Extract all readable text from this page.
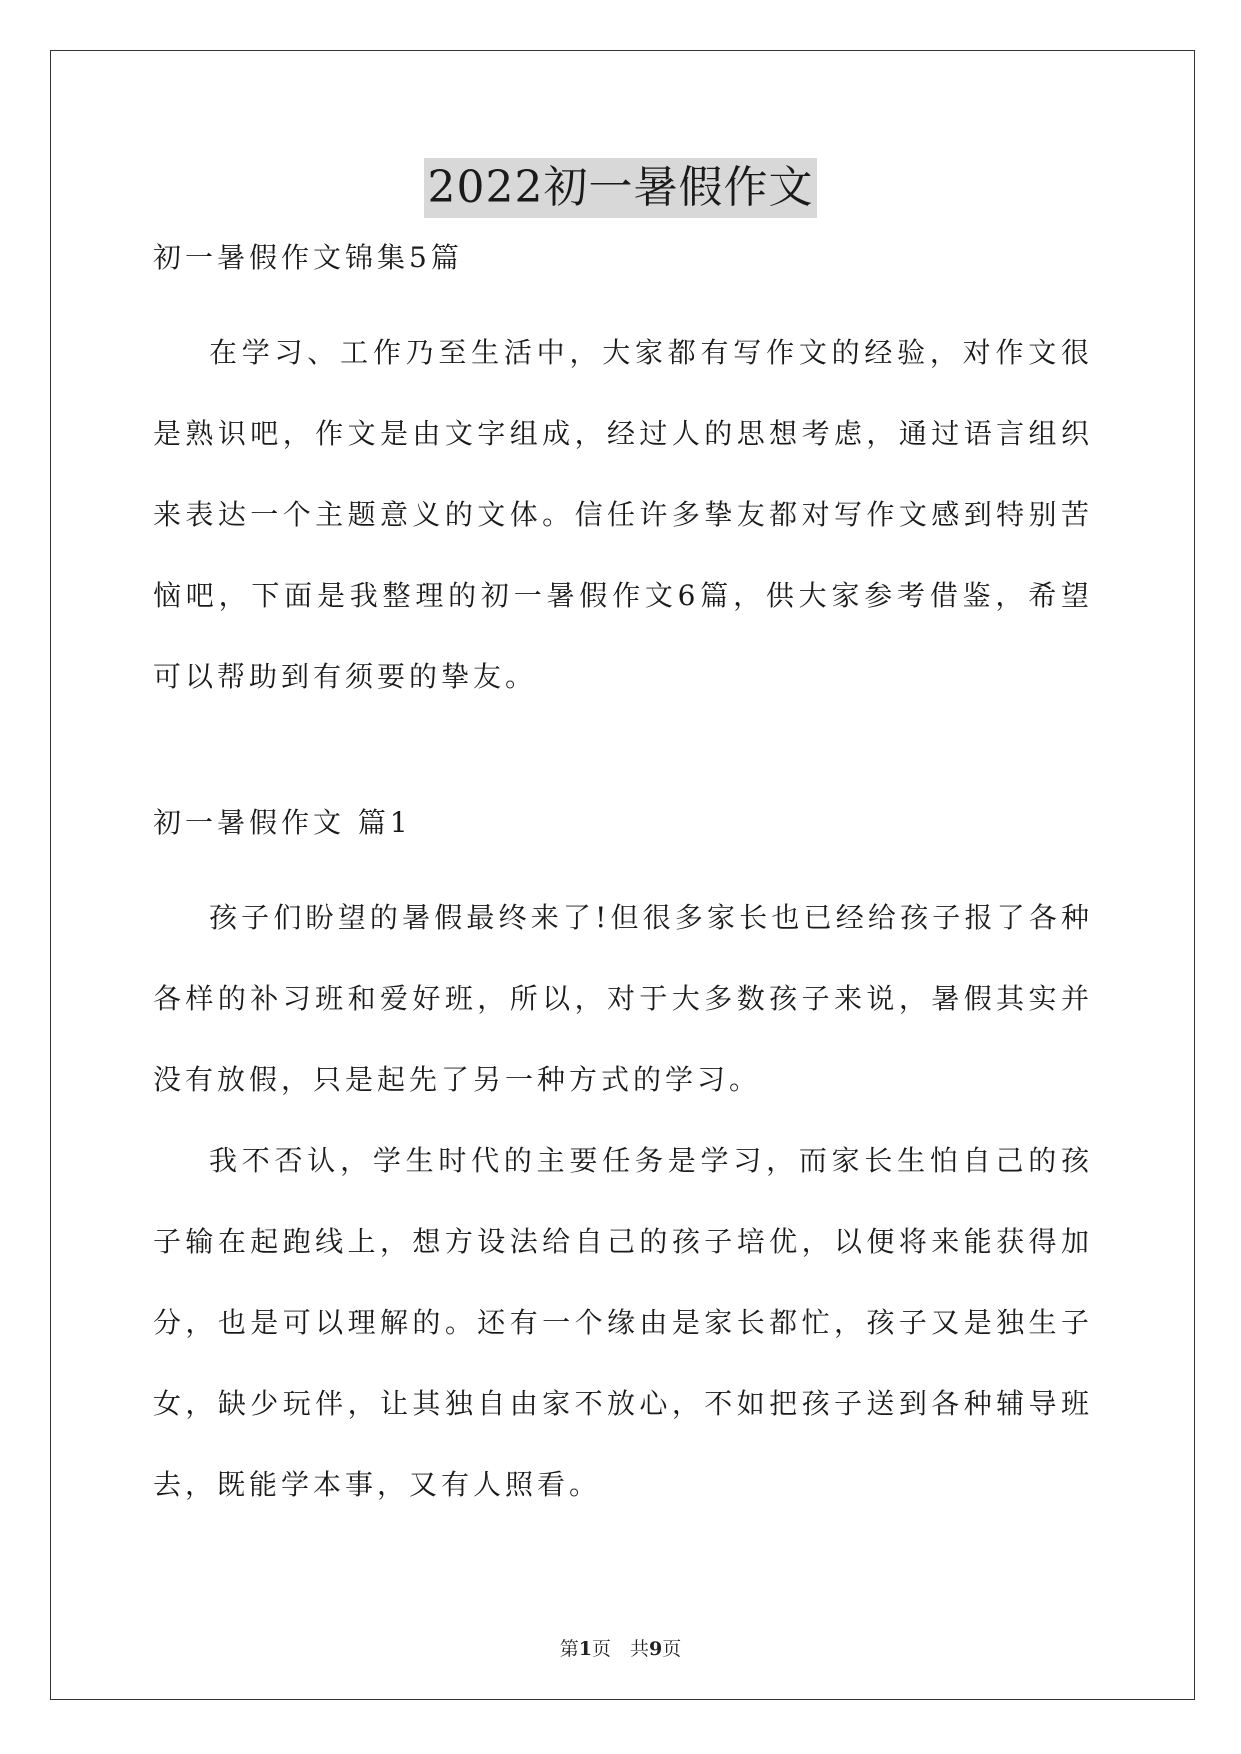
2022初一暑假作文

初一暑假作文锦集5篇

在学习、工作乃至生活中，大家都有写作文的经验，对作文很是熟识吧，作文是由文字组成，经过人的思想考虑，通过语言组织来表达一个主题意义的文体。信任许多挚友都对写作文感到特别苦恼吧，下面是我整理的初一暑假作文6篇，供大家参考借鉴，希望可以帮助到有须要的挚友。

初一暑假作文 篇1

孩子们盼望的暑假最终来了!但很多家长也已经给孩子报了各种各样的补习班和爱好班，所以，对于大多数孩子来说，暑假其实并没有放假，只是起先了另一种方式的学习。

我不否认，学生时代的主要任务是学习，而家长生怕自己的孩子输在起跑线上，想方设法给自己的孩子培优，以便将来能获得加分，也是可以理解的。还有一个缘由是家长都忙，孩子又是独生子女，缺少玩伴，让其独自由家不放心，不如把孩子送到各种辅导班去，既能学本事，又有人照看。

第1页　共9页
